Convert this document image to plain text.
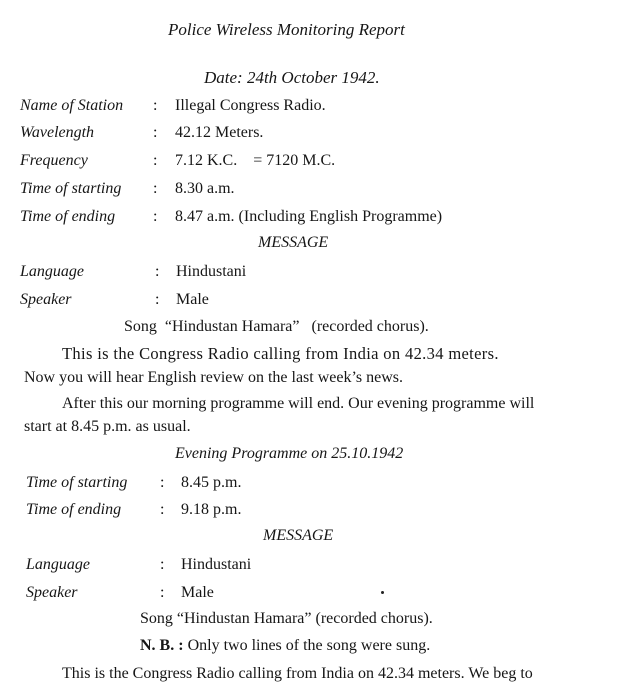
Police Wireless Monitoring Report
Date: 24th October 1942.
Name of Station : Illegal Congress Radio.
Wavelength	: 42.12 Meters.
Frequency	: 7.12 K.C.    = 7120 M.C.
Time of starting : 8.30 a.m.
Time of ending : 8.47 a.m. (Including English Programme)
MESSAGE
Language	: Hindustani
Speaker	: Male
Song  “Hindustan Hamara”   (recorded chorus).
This is the Congress Radio calling from India on 42.34 meters.
Now you will hear English review on the last week’s news.
After this our morning programme will end. Our evening programme will
start at 8.45 p.m. as usual.
Evening Programme on 25.10.1942
Time of starting : 8.45 p.m.
Time of ending : 9.18 p.m.
MESSAGE
Language	: Hindustani
Speaker	: Male
Song “Hindustan Hamara” (recorded chorus).
N. B. : Only two lines of the song were sung.
This is the Congress Radio calling from India on 42.34 meters. We beg to
